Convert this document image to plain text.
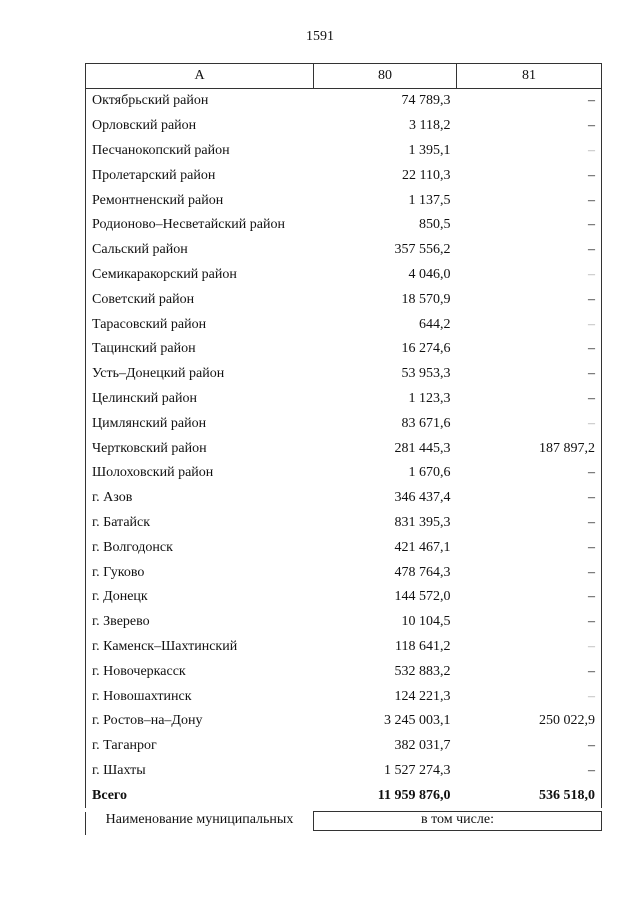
1591
А	80	81
Октябрьский район	74 789,3	–
Орловский район	3 118,2	–
Песчанокопский район	1 395,1	–
Пролетарский район	22 110,3	–
Ремонтненский район	1 137,5	–
Родионово–Несветайский район	850,5	–
Сальский район	357 556,2	–
Семикаракорский район	4 046,0	–
Советский район	18 570,9	–
Тарасовский район	644,2	–
Тацинский район	16 274,6	–
Усть–Донецкий район	53 953,3	–
Целинский район	1 123,3	–
Цимлянский район	83 671,6	–
Чертковский район	281 445,3	187 897,2
Шолоховский район	1 670,6	–
г. Азов	346 437,4	–
г. Батайск	831 395,3	–
г. Волгодонск	421 467,1	–
г. Гуково	478 764,3	–
г. Донецк	144 572,0	–
г. Зверево	10 104,5	–
г. Каменск–Шахтинский	118 641,2	–
г. Новочеркасск	532 883,2	–
г. Новошахтинск	124 221,3	–
г. Ростов–на–Дону	3 245 003,1	250 022,9
г. Таганрог	382 031,7	–
г. Шахты	1 527 274,3	–
Всего	11 959 876,0	536 518,0
Наименование муниципальных	в том числе:
